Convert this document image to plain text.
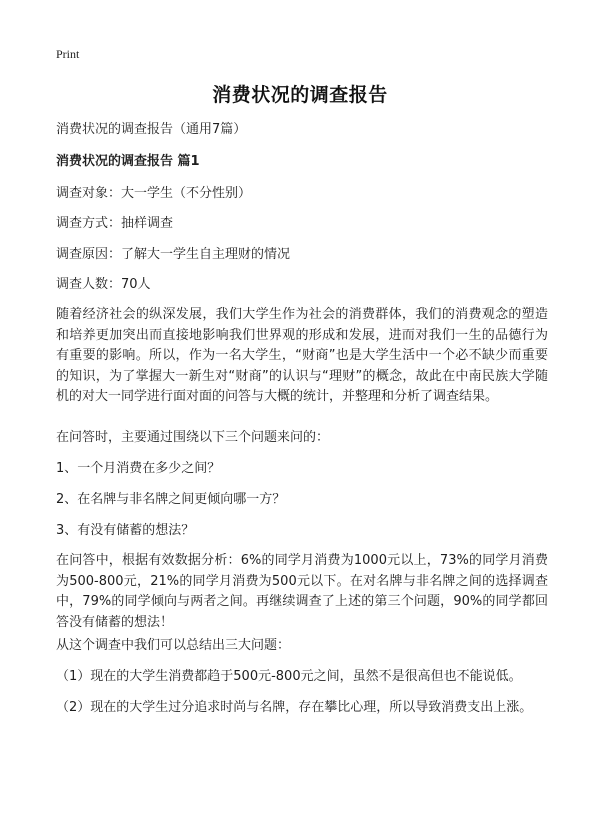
Print
消费状况的调查报告
消费状况的调查报告（通用7篇）
消费状况的调查报告 篇1
调查对象：大一学生（不分性别）
调查方式：抽样调查
调查原因：了解大一学生自主理财的情况
调查人数：70人
随着经济社会的纵深发展，我们大学生作为社会的消费群体，我们的消费观念的塑造和培养更加突出而直接地影响我们世界观的形成和发展，进而对我们一生的品德行为有重要的影响。所以，作为一名大学生，“财商”也是大学生活中一个必不缺少而重要的知识，为了掌握大一新生对“财商”的认识与“理财”的概念，故此在中南民族大学随机的对大一同学进行面对面的问答与大概的统计，并整理和分析了调查结果。
在问答时，主要通过围绕以下三个问题来问的：
1、一个月消费在多少之间？
2、在名牌与非名牌之间更倾向哪一方？
3、有没有储蓄的想法？
在问答中，根据有效数据分析：6%的同学月消费为1000元以上，73%的同学月消费为500-800元，21%的同学月消费为500元以下。在对名牌与非名牌之间的选择调查中，79%的同学倾向与两者之间。再继续调查了上述的第三个问题，90%的同学都回答没有储蓄的想法！
从这个调查中我们可以总结出三大问题：
（1）现在的大学生消费都趋于500元-800元之间，虽然不是很高但也不能说低。
（2）现在的大学生过分追求时尚与名牌，存在攀比心理，所以导致消费支出上涨。
